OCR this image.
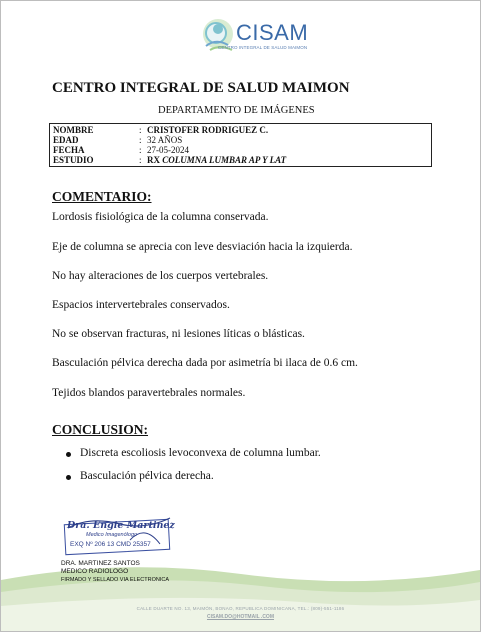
CISAM
CENTRO INTEGRAL DE SALUD MAIMON
CENTRO INTEGRAL DE SALUD MAIMON
DEPARTAMENTO DE IMÁGENES
NOMBRE	: CRISTOFER RODRIGUEZ C.
EDAD	: 32 AÑOS
FECHA	: 27-05-2024
ESTUDIO	: RX COLUMNA LUMBAR AP Y LAT
COMENTARIO:
Lordosis fisiológica de la columna conservada.
Eje de columna se aprecia con leve desviación hacia la izquierda.
No hay alteraciones de los cuerpos vertebrales.
Espacios intervertebrales conservados.
No se observan fracturas, ni lesiones líticas o blásticas.
Basculación pélvica derecha dada por asimetría bi ilaca de 0.6 cm.
Tejidos blandos paravertebrales normales.
CONCLUSION:
Discreta escoliosis levoconvexa de columna lumbar.
Basculación pélvica derecha.
Dra. Engie Martinez
Medico Imagenólogo
EXQ Nº 206 13 CMD 25357
DRA. MARTINEZ SANTOS
MEDICO RADIOLOGO
FIRMADO Y SELLADO VIA ELECTRONICA
CALLE DUARTE NO. 13, MAIMÓN, BONAO, REPUBLICA DOMINICANA, TEL.: (809)-551-1186
CISAM.DO@HOTMAIL .COM
